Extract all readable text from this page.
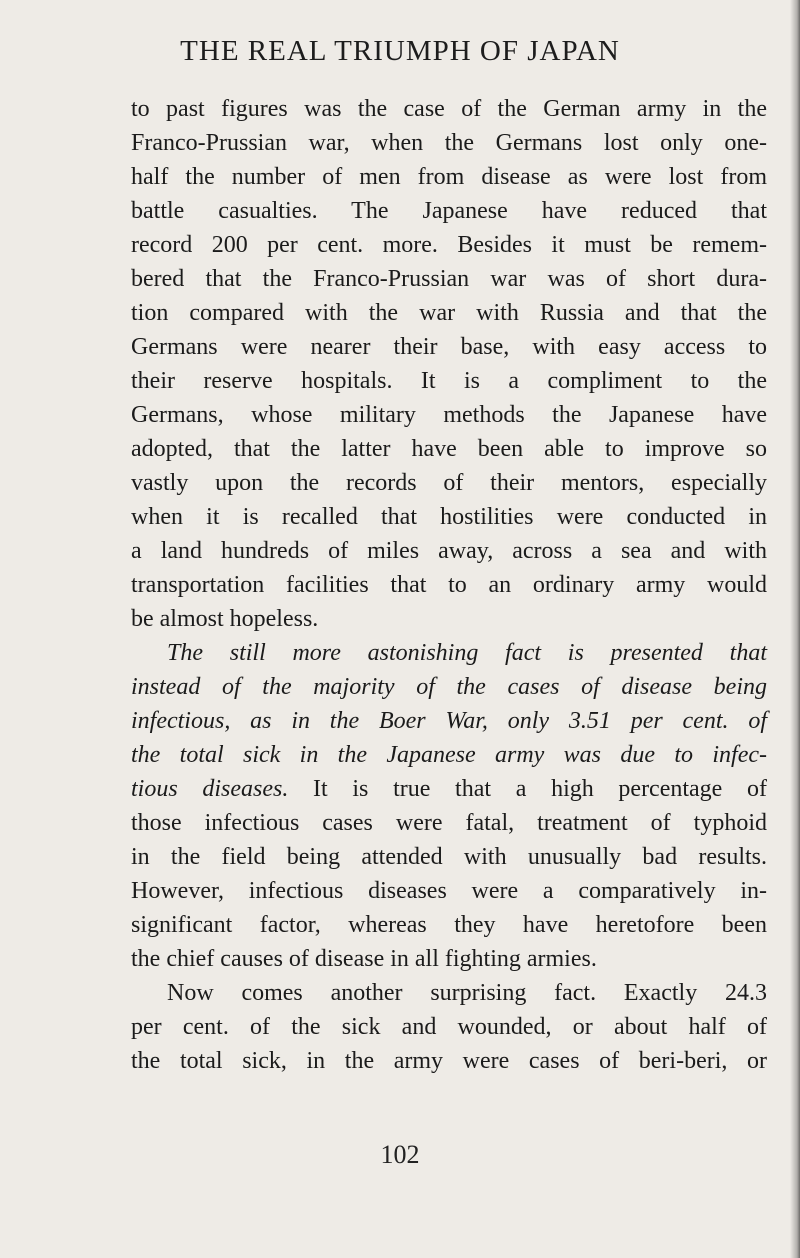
THE REAL TRIUMPH OF JAPAN
to past figures was the case of the German army in the
Franco-Prussian war, when the Germans lost only one-
half the number of men from disease as were lost from
battle casualties. The Japanese have reduced that
record 200 per cent. more. Besides it must be remem-
bered that the Franco-Prussian war was of short dura-
tion compared with the war with Russia and that the
Germans were nearer their base, with easy access to
their reserve hospitals. It is a compliment to the
Germans, whose military methods the Japanese have
adopted, that the latter have been able to improve so
vastly upon the records of their mentors, especially
when it is recalled that hostilities were conducted in
a land hundreds of miles away, across a sea and with
transportation facilities that to an ordinary army would
be almost hopeless.
The still more astonishing fact is presented that
instead of the majority of the cases of disease being
infectious, as in the Boer War, only 3.51 per cent. of
the total sick in the Japanese army was due to infec-
tious diseases. It is true that a high percentage of
those infectious cases were fatal, treatment of typhoid
in the field being attended with unusually bad results.
However, infectious diseases were a comparatively in-
significant factor, whereas they have heretofore been
the chief causes of disease in all fighting armies.
Now comes another surprising fact. Exactly 24.3
per cent. of the sick and wounded, or about half of
the total sick, in the army were cases of beri-beri, or
102
